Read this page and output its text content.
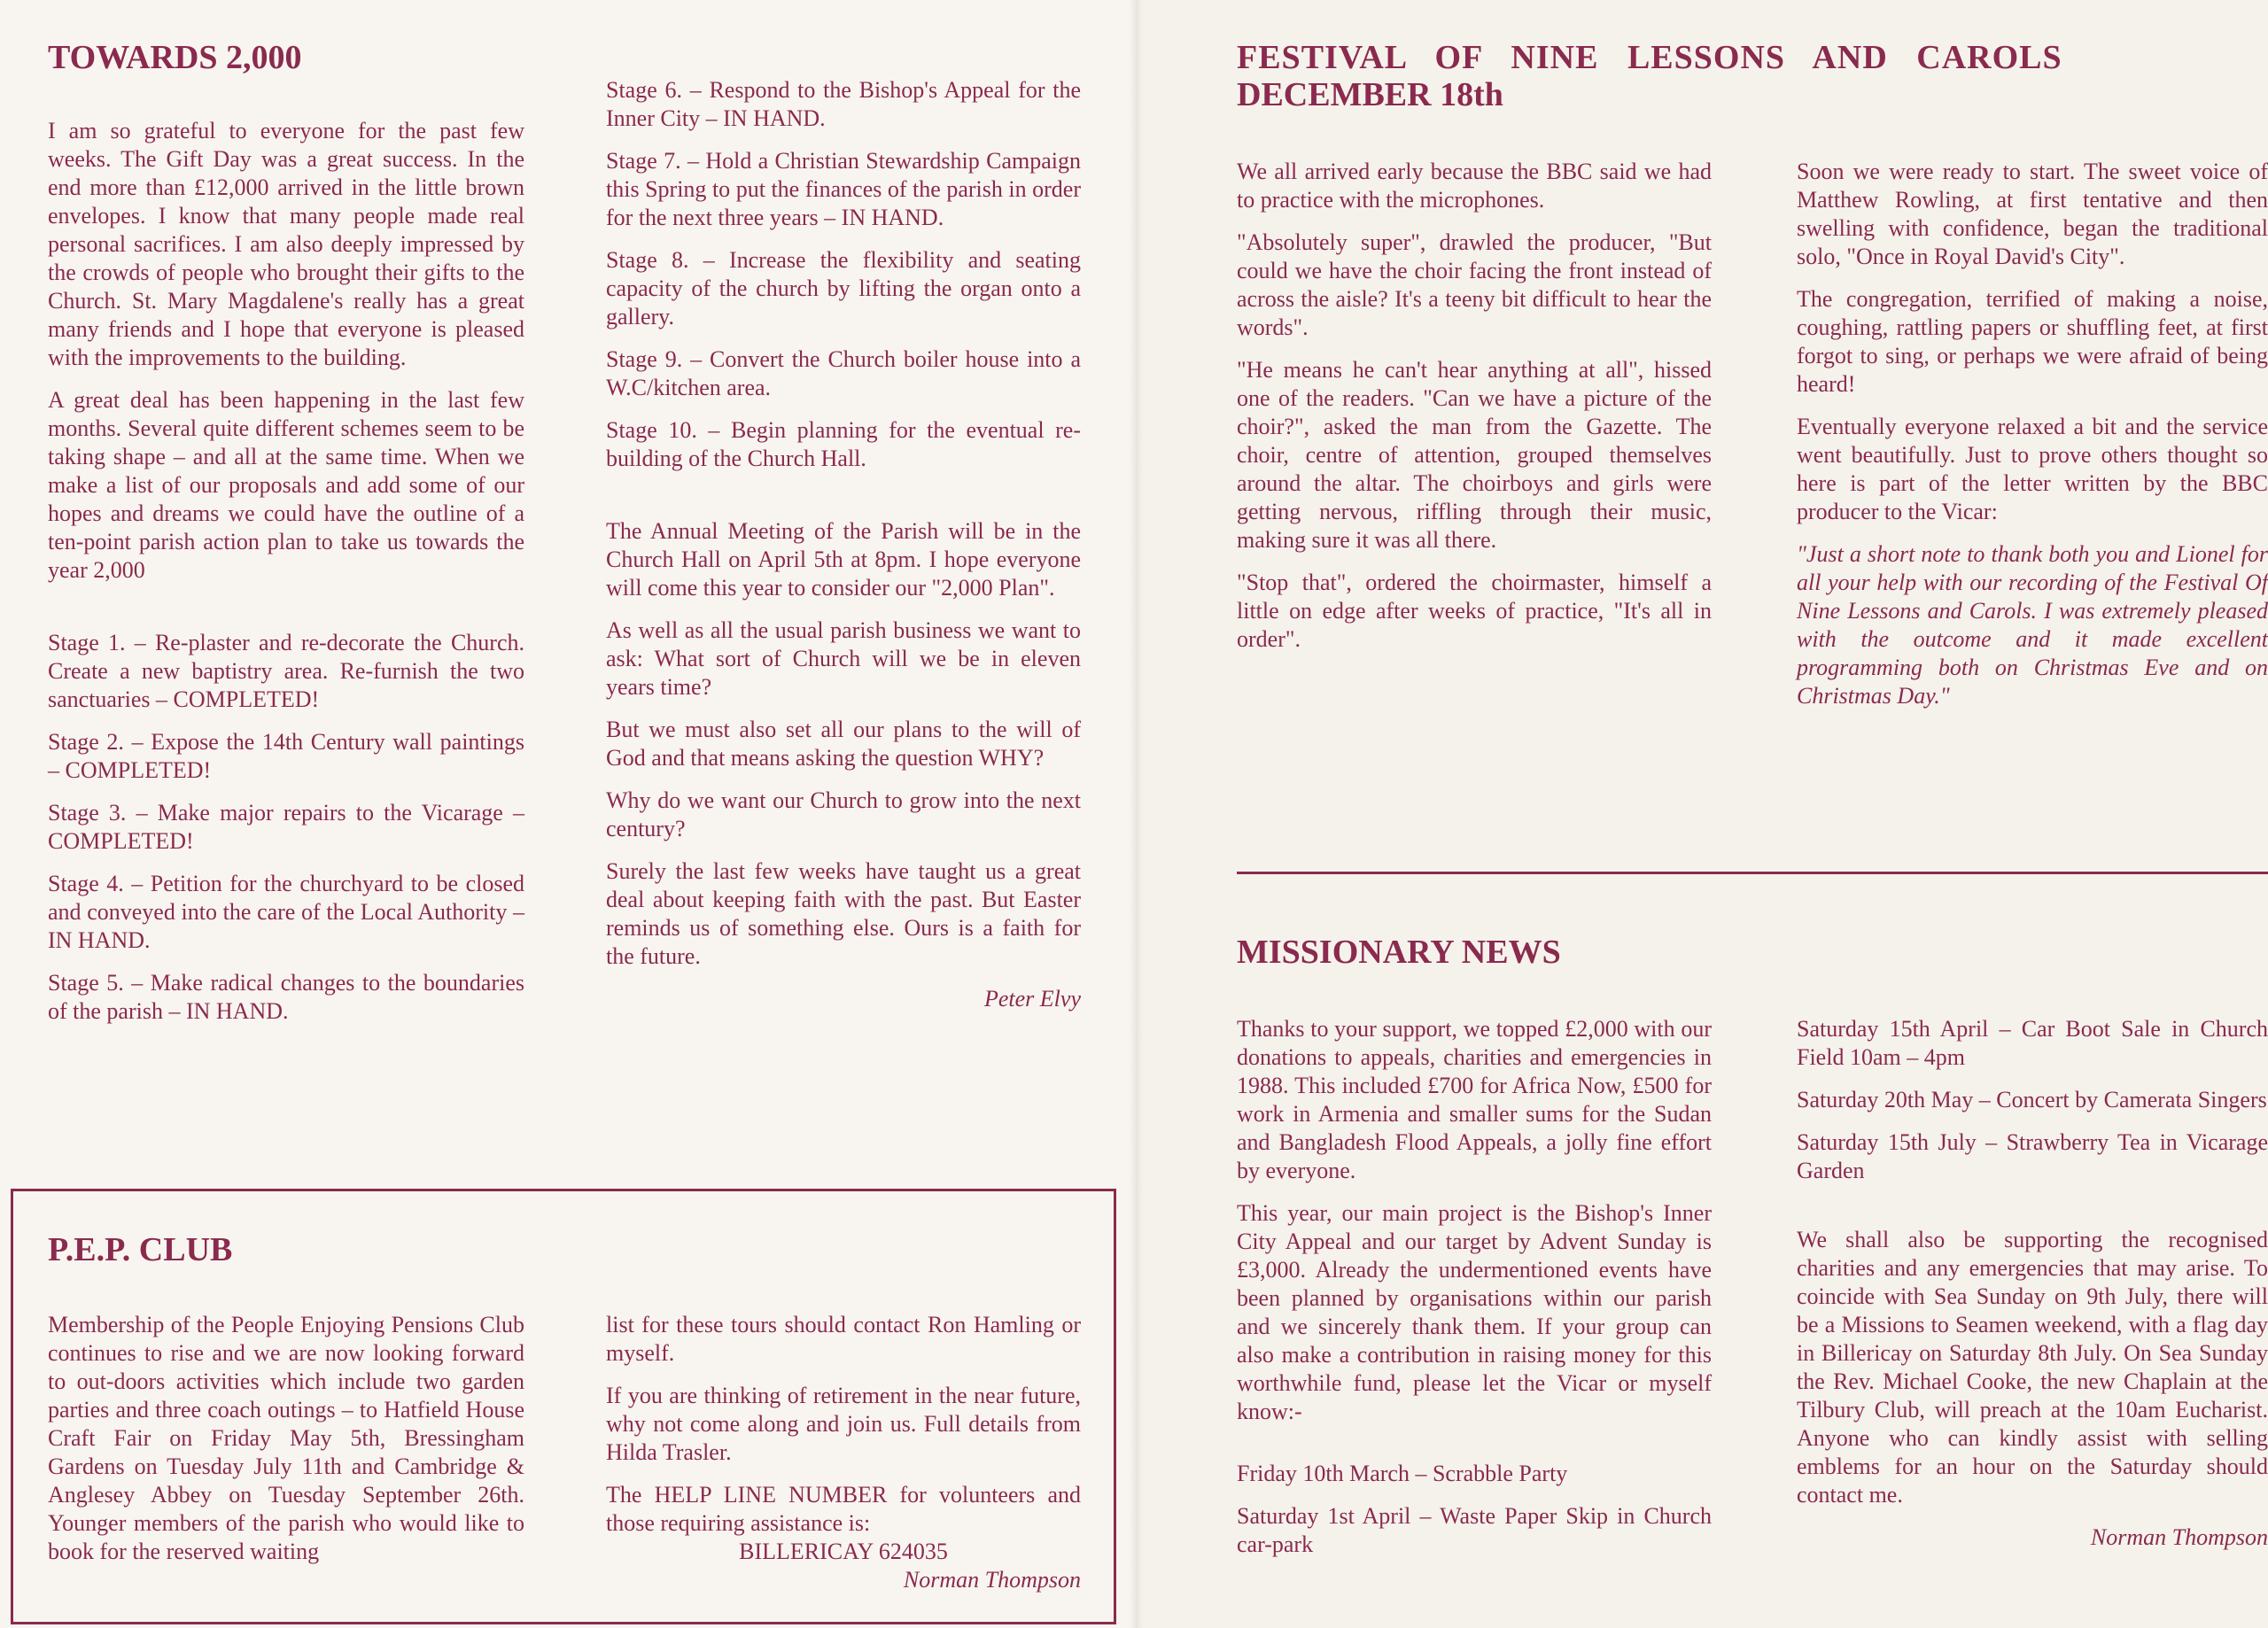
TOWARDS 2,000

I am so grateful to everyone for the past few weeks. The Gift Day was a great success. In the end more than £12,000 arrived in the little brown envelopes. I know that many people made real personal sacrifices. I am also deeply impressed by the crowds of people who brought their gifts to the Church. St. Mary Magdalene's really has a great many friends and I hope that everyone is pleased with the improvements to the building.

A great deal has been happening in the last few months. Several quite different schemes seem to be taking shape – and all at the same time. When we make a list of our proposals and add some of our hopes and dreams we could have the outline of a ten-point parish action plan to take us towards the year 2,000

Stage 1. – Re-plaster and re-decorate the Church. Create a new baptistry area. Re-furnish the two sanctuaries – COMPLETED!

Stage 2. – Expose the 14th Century wall paintings – COMPLETED!

Stage 3. – Make major repairs to the Vicarage – COMPLETED!

Stage 4. – Petition for the churchyard to be closed and conveyed into the care of the Local Authority – IN HAND.

Stage 5. – Make radical changes to the boundaries of the parish – IN HAND.

Stage 6. – Respond to the Bishop's Appeal for the Inner City – IN HAND.

Stage 7. – Hold a Christian Stewardship Campaign this Spring to put the finances of the parish in order for the next three years – IN HAND.

Stage 8. – Increase the flexibility and seating capacity of the church by lifting the organ onto a gallery.

Stage 9. – Convert the Church boiler house into a W.C/kitchen area.

Stage 10. – Begin planning for the eventual re-building of the Church Hall.

The Annual Meeting of the Parish will be in the Church Hall on April 5th at 8pm. I hope everyone will come this year to consider our "2,000 Plan".

As well as all the usual parish business we want to ask: What sort of Church will we be in eleven years time?

But we must also set all our plans to the will of God and that means asking the question WHY?

Why do we want our Church to grow into the next century?

Surely the last few weeks have taught us a great deal about keeping faith with the past. But Easter reminds us of something else. Ours is a faith for the future.

Peter Elvy

P.E.P. CLUB

Membership of the People Enjoying Pensions Club continues to rise and we are now looking forward to out-doors activities which include two garden parties and three coach outings – to Hatfield House Craft Fair on Friday May 5th, Bressingham Gardens on Tuesday July 11th and Cambridge & Anglesey Abbey on Tuesday September 26th. Younger members of the parish who would like to book for the reserved waiting

list for these tours should contact Ron Hamling or myself.

If you are thinking of retirement in the near future, why not come along and join us. Full details from Hilda Trasler.

The HELP LINE NUMBER for volunteers and those requiring assistance is:

BILLERICAY 624035

Norman Thompson

FESTIVAL OF NINE LESSONS AND CAROLS
DECEMBER 18th

We all arrived early because the BBC said we had to practice with the microphones.

"Absolutely super", drawled the producer, "But could we have the choir facing the front instead of across the aisle? It's a teeny bit difficult to hear the words".

"He means he can't hear anything at all", hissed one of the readers. "Can we have a picture of the choir?", asked the man from the Gazette. The choir, centre of attention, grouped themselves around the altar. The choirboys and girls were getting nervous, riffling through their music, making sure it was all there.

"Stop that", ordered the choirmaster, himself a little on edge after weeks of practice, "It's all in order".

Soon we were ready to start. The sweet voice of Matthew Rowling, at first tentative and then swelling with confidence, began the traditional solo, "Once in Royal David's City".

The congregation, terrified of making a noise, coughing, rattling papers or shuffling feet, at first forgot to sing, or perhaps we were afraid of being heard!

Eventually everyone relaxed a bit and the service went beautifully. Just to prove others thought so here is part of the letter written by the BBC producer to the Vicar:

"Just a short note to thank both you and Lionel for all your help with our recording of the Festival Of Nine Lessons and Carols. I was extremely pleased with the outcome and it made excellent programming both on Christmas Eve and on Christmas Day."

MISSIONARY NEWS

Thanks to your support, we topped £2,000 with our donations to appeals, charities and emergencies in 1988. This included £700 for Africa Now, £500 for work in Armenia and smaller sums for the Sudan and Bangladesh Flood Appeals, a jolly fine effort by everyone.

This year, our main project is the Bishop's Inner City Appeal and our target by Advent Sunday is £3,000. Already the undermentioned events have been planned by organisations within our parish and we sincerely thank them. If your group can also make a contribution in raising money for this worthwhile fund, please let the Vicar or myself know:-

Friday 10th March – Scrabble Party

Saturday 1st April – Waste Paper Skip in Church car-park

Saturday 15th April – Car Boot Sale in Church Field 10am – 4pm

Saturday 20th May – Concert by Camerata Singers

Saturday 15th July – Strawberry Tea in Vicarage Garden

We shall also be supporting the recognised charities and any emergencies that may arise. To coincide with Sea Sunday on 9th July, there will be a Missions to Seamen weekend, with a flag day in Billericay on Saturday 8th July. On Sea Sunday the Rev. Michael Cooke, the new Chaplain at the Tilbury Club, will preach at the 10am Eucharist. Anyone who can kindly assist with selling emblems for an hour on the Saturday should contact me.

Norman Thompson
